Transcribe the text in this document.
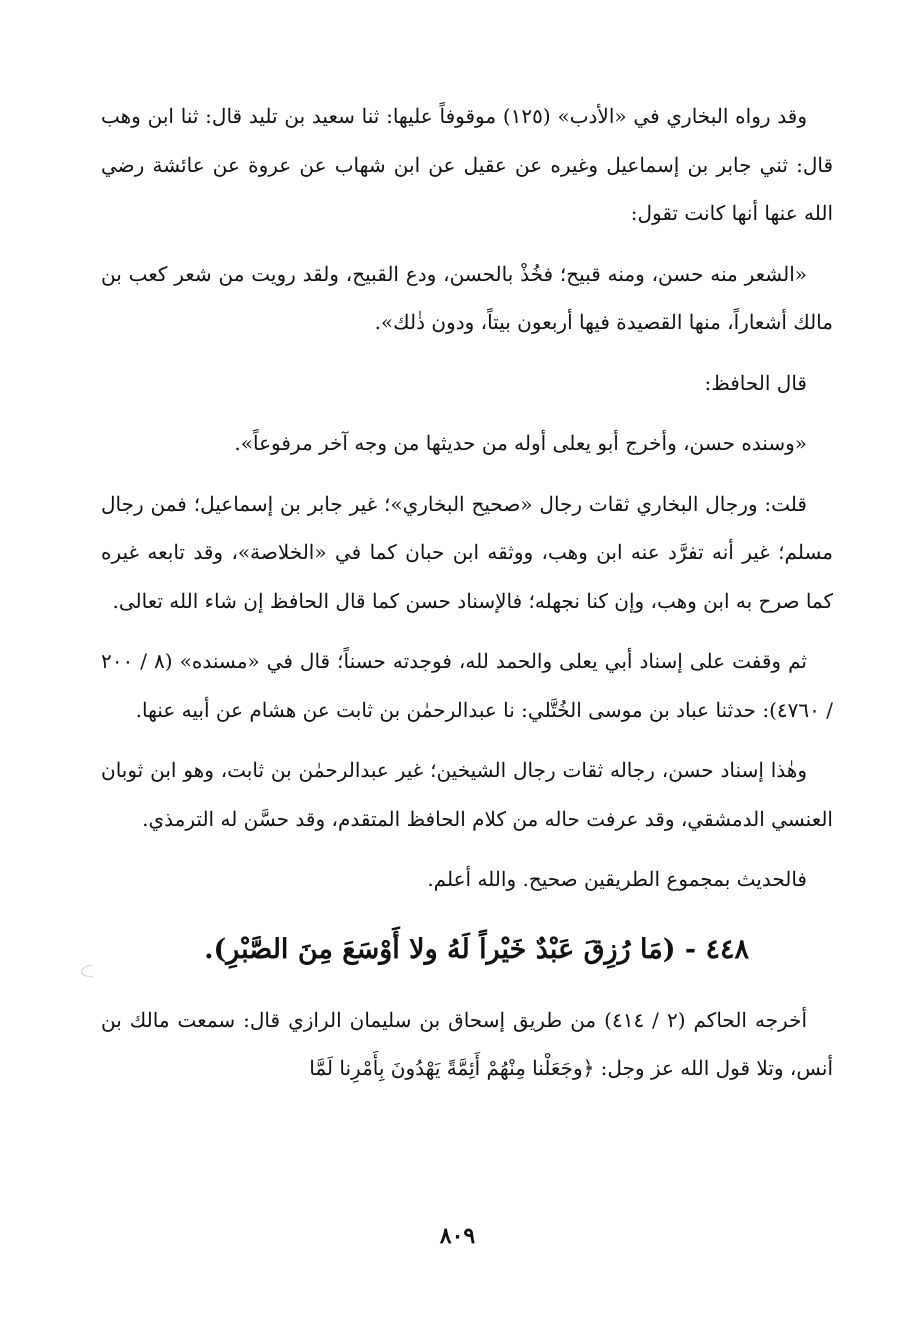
وقد رواه البخاري في «الأدب» (١٢٥) موقوفاً عليها: ثنا سعيد بن تليد قال: ثنا ابن وهب قال: ثني جابر بن إسماعيل وغيره عن عقيل عن ابن شهاب عن عروة عن عائشة رضي الله عنها أنها كانت تقول:

«الشعر منه حسن، ومنه قبيح؛ فخُذْ بالحسن، ودع القبيح، ولقد رويت من شعر كعب بن مالك أشعاراً، منها القصيدة فيها أربعون بيتاً، ودون ذٰلك».

قال الحافظ:

«وسنده حسن، وأخرج أبو يعلى أوله من حديثها من وجه آخر مرفوعاً».

قلت: ورجال البخاري ثقات رجال «صحيح البخاري»؛ غير جابر بن إسماعيل؛ فمن رجال مسلم؛ غير أنه تفرَّد عنه ابن وهب، ووثقه ابن حبان كما في «الخلاصة»، وقد تابعه غيره كما صرح به ابن وهب، وإن كنا نجهله؛ فالإسناد حسن كما قال الحافظ إن شاء الله تعالى.

ثم وقفت على إسناد أبي يعلى والحمد لله، فوجدته حسناً؛ قال في «مسنده» (٨ / ٢٠٠ / ٤٧٦٠): حدثنا عباد بن موسى الخُتَّلي: نا عبدالرحمٰن بن ثابت عن هشام عن أبيه عنها.

وهٰذا إسناد حسن، رجاله ثقات رجال الشيخين؛ غير عبدالرحمٰن بن ثابت، وهو ابن ثوبان العنسي الدمشقي، وقد عرفت حاله من كلام الحافظ المتقدم، وقد حسَّن له الترمذي.

فالحديث بمجموع الطريقين صحيح. والله أعلم.

٤٤٨ - (مَا رُزِقَ عَبْدٌ خَيْراً لَهُ ولا أَوْسَعَ مِنَ الصَّبْرِ).

أخرجه الحاكم (٢ / ٤١٤) من طريق إسحاق بن سليمان الرازي قال: سمعت مالك بن أنس، وتلا قول الله عز وجل: ﴿وجَعَلْنا مِنْهُمْ أَئِمَّةً يَهْدُونَ بِأَمْرِنا لَمَّا

٨٠٩
